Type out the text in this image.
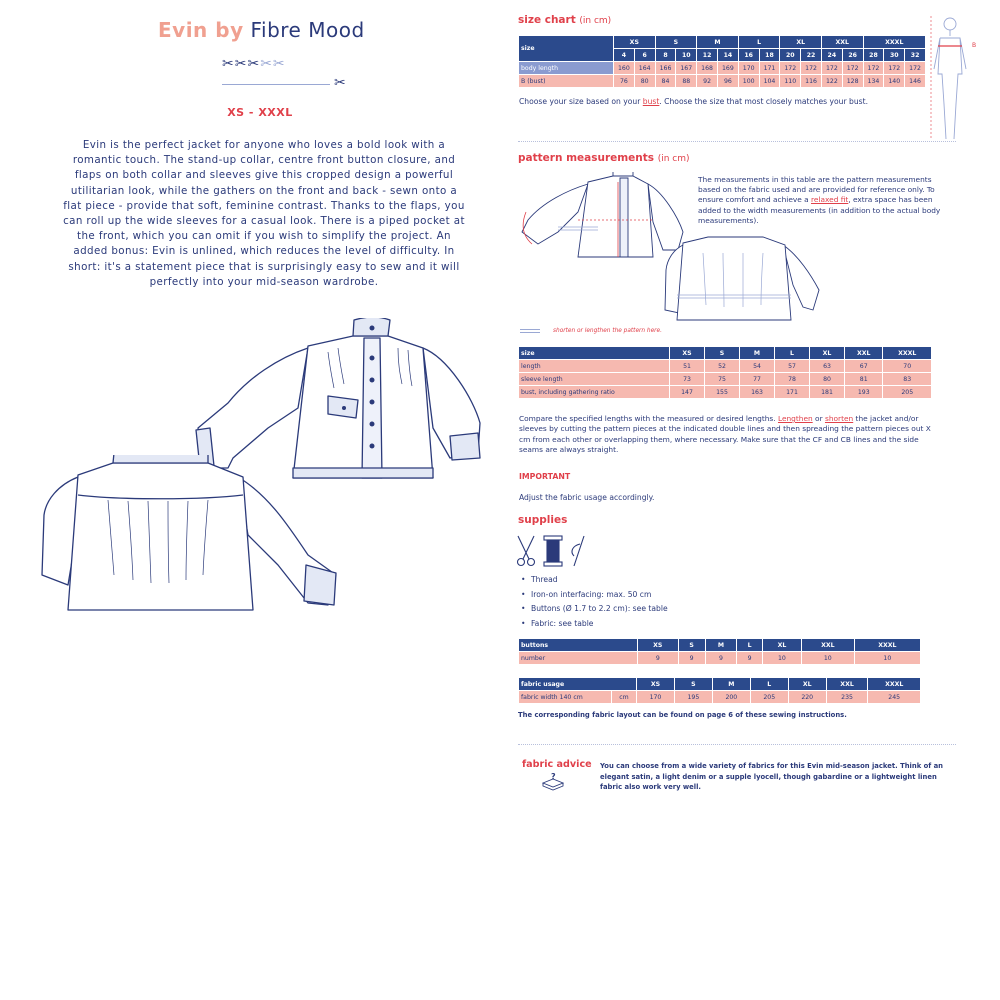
Evin by Fibre Mood
✂✂✂✂✂
✂
XS - XXXL
Evin is the perfect jacket for anyone who loves a bold look with a romantic touch. The stand-up collar, centre front button closure, and flaps on both collar and sleeves give this cropped design a powerful utilitarian look, while the gathers on the front and back - sewn onto a flat piece - provide that soft, feminine contrast. Thanks to the flaps, you can roll up the wide sleeves for a casual look. There is a piped pocket at the front, which you can omit if you wish to simplify the project. An added bonus: Evin is unlined, which reduces the level of difficulty. In short: it's a statement piece that is surprisingly easy to sew and it will perfectly into your mid-season wardrobe.
size chart (in cm)
size	XS		S		M		L		XL		XXL		XXXL		
	4	6	8	10	12	14	16	18	20	22	24	26	28	30	32
body length	160	164	166	167	168	169	170	171	172	172	172	172	172	172	172
B (bust)	76	80	84	88	92	96	100	104	110	116	122	128	134	140	146
B
Choose your size based on your bust. Choose the size that most closely matches your bust.
pattern measurements (in cm)
The measurements in this table are the pattern measurements based on the fabric used and are provided for reference only. To ensure comfort and achieve a relaxed fit, extra space has been added to the width measurements (in addition to the actual body measurements).
shorten or lengthen the pattern here.
size	XS	S	M	L	XL	XXL	XXXL
length	51	52	54	57	63	67	70
sleeve length	73	75	77	78	80	81	83
bust, including gathering ratio	147	155	163	171	181	193	205
Compare the specified lengths with the measured or desired lengths. Lengthen or shorten the jacket and/or sleeves by cutting the pattern pieces at the indicated double lines and then spreading the pattern pieces out X cm from each other or overlapping them, where necessary. Make sure that the CF and CB lines and the side seams are always straight.
IMPORTANT
Adjust the fabric usage accordingly.
supplies
• Thread
• Iron-on interfacing: max. 50 cm
• Buttons (Ø 1.7 to 2.2 cm): see table
• Fabric: see table
buttons	XS	S	M	L	XL	XXL	XXXL
number	9	9	9	9	10	10	10
fabric usage		XS	S	M	L	XL	XXL	XXXL
fabric width 140 cm	cm	170	195	200	205	220	235	245
The corresponding fabric layout can be found on page 6 of these sewing instructions.
fabric advice
?
You can choose from a wide variety of fabrics for this Evin mid-season jacket. Think of an elegant satin, a light denim or a supple lyocell, though gabardine or a lightweight linen fabric also work very well.
